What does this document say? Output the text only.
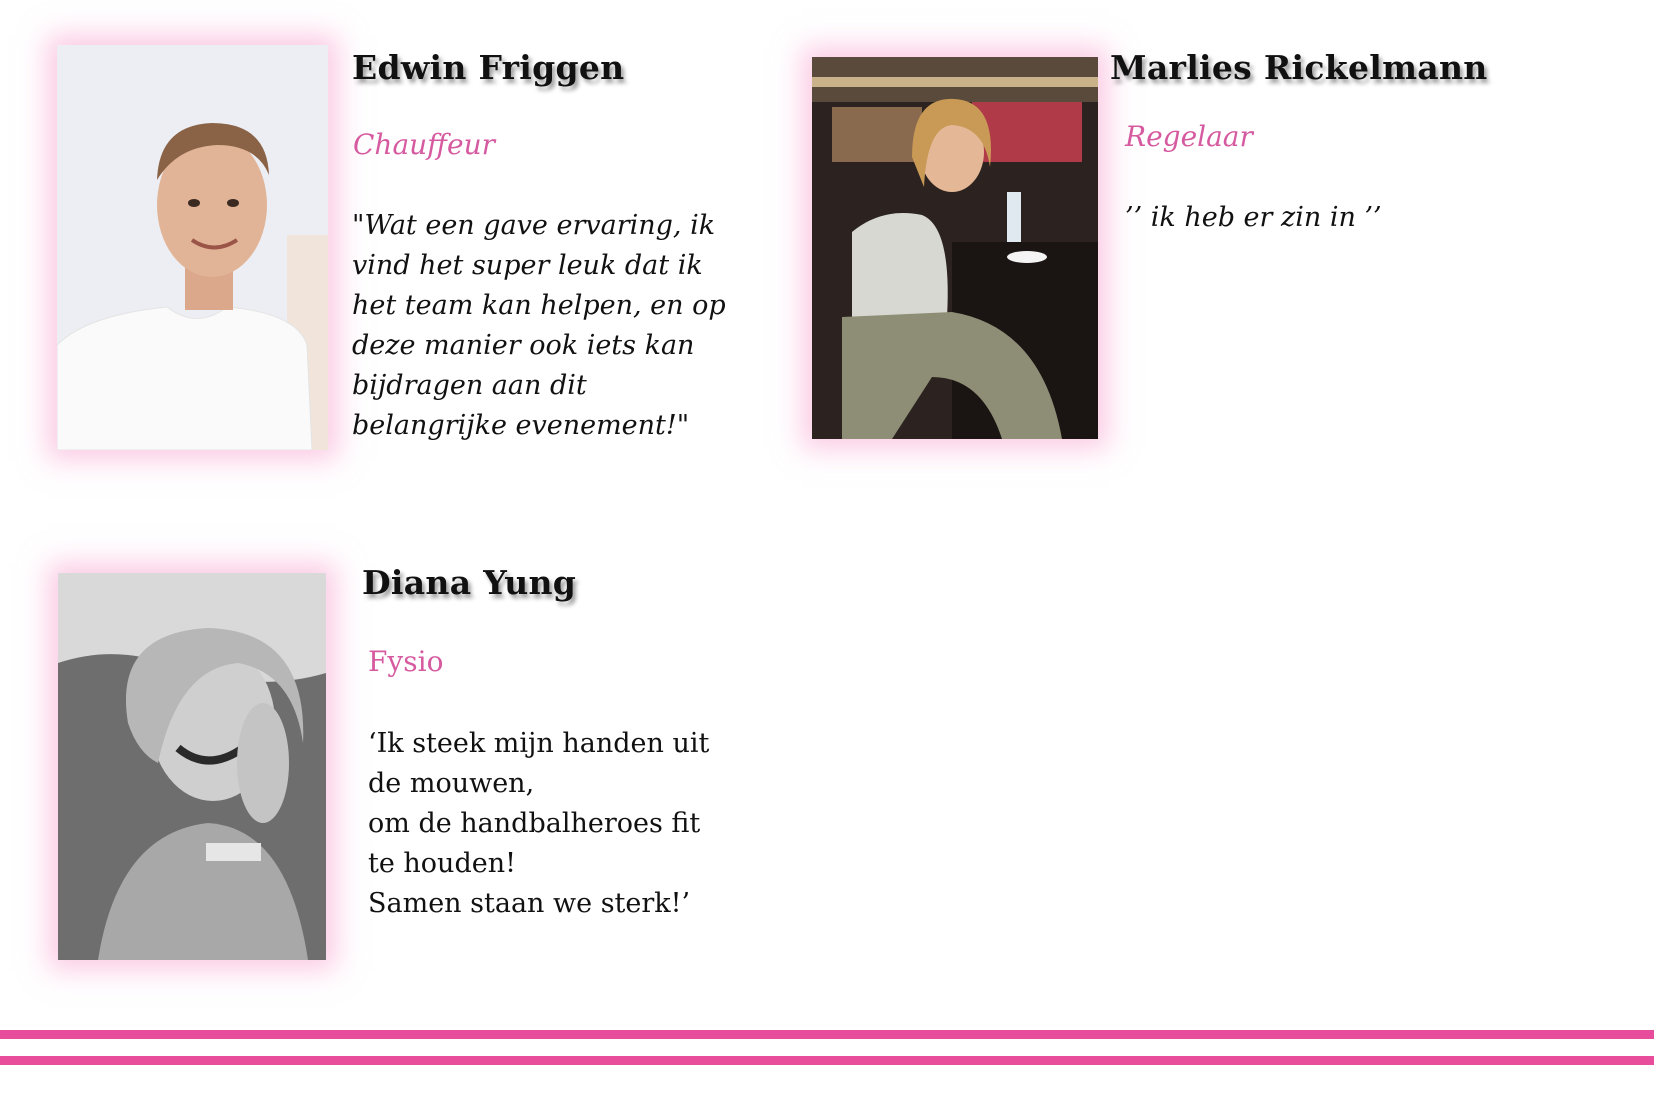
Edwin Friggen
Chauffeur

"Wat een gave ervaring, ik
vind het super leuk dat ik
het team kan helpen, en op
deze manier ook iets kan
bijdragen aan dit
belangrijke evenement!"

Marlies Rickelmann
Regelaar

’’ ik heb er zin in ’’

Diana Yung
Fysio

‘Ik steek mijn handen uit
de mouwen,
om de handbalheroes fit
te houden!
Samen staan we sterk!’
